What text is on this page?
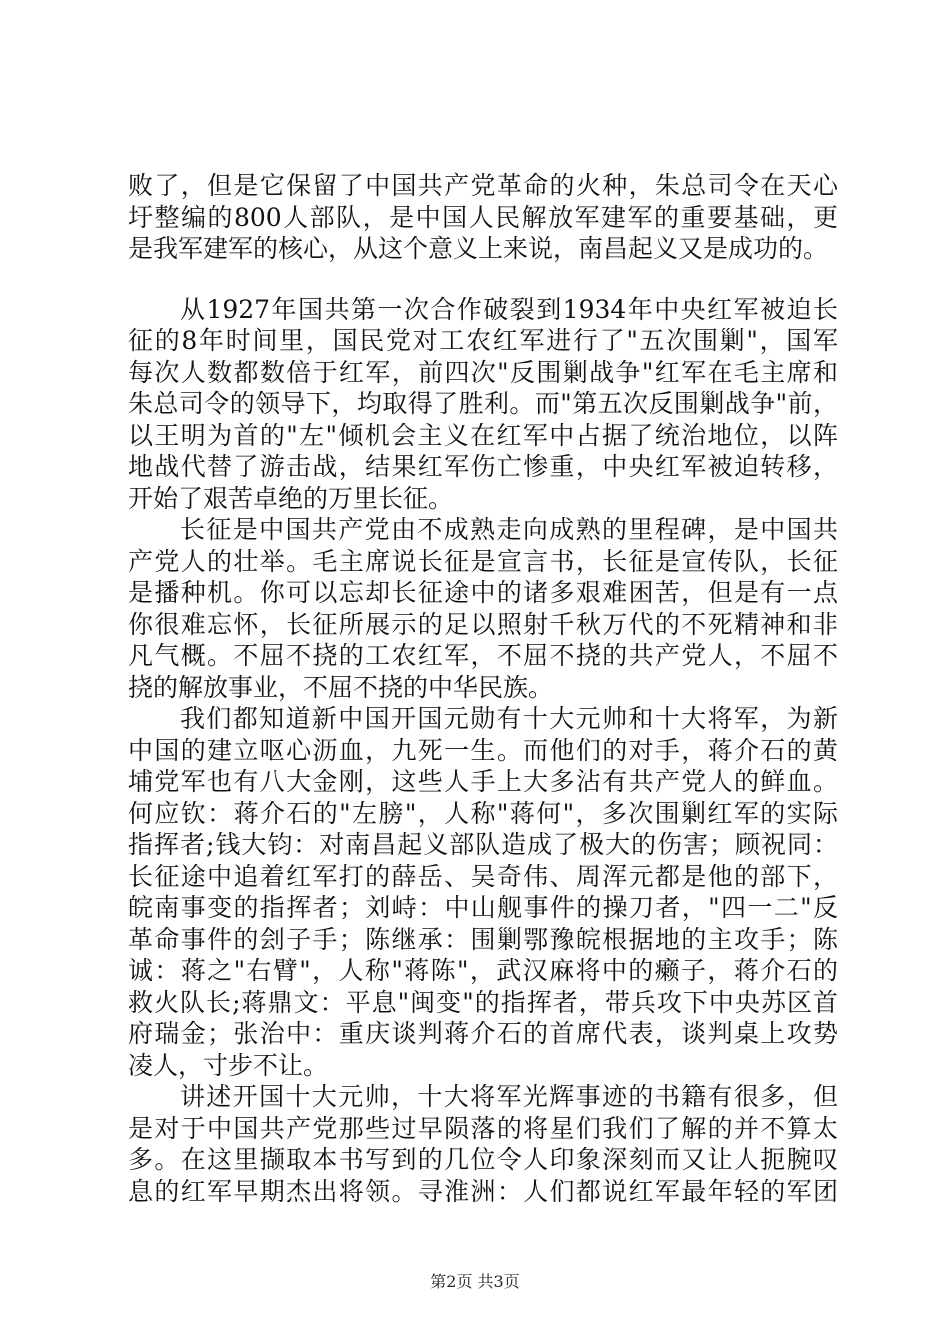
败了，但是它保留了中国共产党革命的火种，朱总司令在天心
圩整编的800人部队，是中国人民解放军建军的重要基础，更
是我军建军的核心，从这个意义上来说，南昌起义又是成功的。
从1927年国共第一次合作破裂到1934年中央红军被迫长
征的8年时间里，国民党对工农红军进行了"五次围剿"，国军
每次人数都数倍于红军，前四次"反围剿战争"红军在毛主席和
朱总司令的领导下，均取得了胜利。而"第五次反围剿战争"前，
以王明为首的"左"倾机会主义在红军中占据了统治地位，以阵
地战代替了游击战，结果红军伤亡惨重，中央红军被迫转移，
开始了艰苦卓绝的万里长征。
长征是中国共产党由不成熟走向成熟的里程碑，是中国共
产党人的壮举。毛主席说长征是宣言书，长征是宣传队，长征
是播种机。你可以忘却长征途中的诸多艰难困苦，但是有一点
你很难忘怀，长征所展示的足以照射千秋万代的不死精神和非
凡气概。不屈不挠的工农红军，不屈不挠的共产党人，不屈不
挠的解放事业，不屈不挠的中华民族。
我们都知道新中国开国元勋有十大元帅和十大将军，为新
中国的建立呕心沥血，九死一生。而他们的对手，蒋介石的黄
埔党军也有八大金刚，这些人手上大多沾有共产党人的鲜血。
何应钦：蒋介石的"左膀"，人称"蒋何"，多次围剿红军的实际
指挥者;钱大钧：对南昌起义部队造成了极大的伤害；顾祝同：
长征途中追着红军打的薛岳、吴奇伟、周浑元都是他的部下，
皖南事变的指挥者；刘峙：中山舰事件的操刀者，"四一二"反
革命事件的刽子手；陈继承：围剿鄂豫皖根据地的主攻手；陈
诚：蒋之"右臂"，人称"蒋陈"，武汉麻将中的癞子，蒋介石的
救火队长;蒋鼎文：平息"闽变"的指挥者，带兵攻下中央苏区首
府瑞金；张治中：重庆谈判蒋介石的首席代表，谈判桌上攻势
凌人，寸步不让。
讲述开国十大元帅，十大将军光辉事迹的书籍有很多，但
是对于中国共产党那些过早陨落的将星们我们了解的并不算太
多。在这里撷取本书写到的几位令人印象深刻而又让人扼腕叹
息的红军早期杰出将领。寻淮洲：人们都说红军最年轻的军团
第2页 共3页
